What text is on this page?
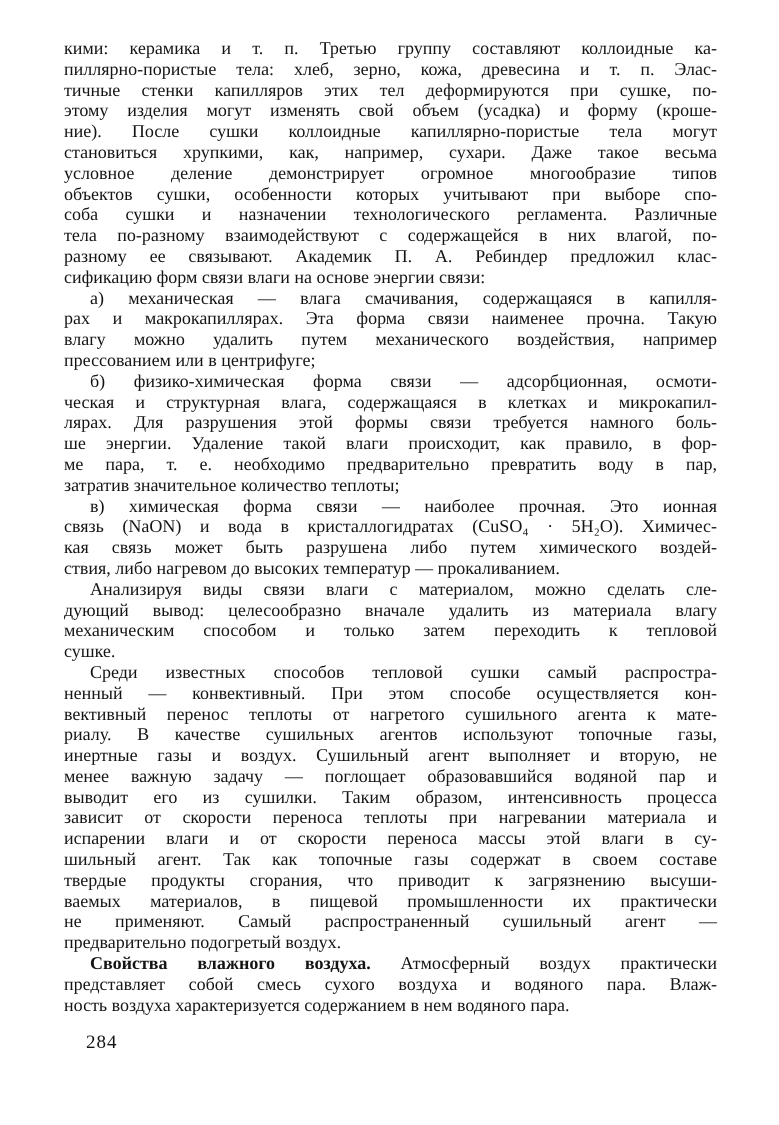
кими: керамика и т. п. Третью группу составляют коллоидные ка-
пиллярно-пористые тела: хлеб, зерно, кожа, древесина и т. п. Элас-
тичные стенки капилляров этих тел деформируются при сушке, по-
этому изделия могут изменять свой объем (усадка) и форму (кроше-
ние). После сушки коллоидные капиллярно-пористые тела могут
становиться хрупкими, как, например, сухари. Даже такое весьма
условное деление демонстрирует огромное многообразие типов
объектов сушки, особенности которых учитывают при выборе спо-
соба сушки и назначении технологического регламента. Различные
тела по-разному взаимодействуют с содержащейся в них влагой, по-
разному ее связывают. Академик П. А. Ребиндер предложил клас-
сификацию форм связи влаги на основе энергии связи:
а) механическая — влага смачивания, содержащаяся в капилля-
рах и макрокапиллярах. Эта форма связи наименее прочна. Такую
влагу можно удалить путем механического воздействия, например
прессованием или в центрифуге;
б) физико-химическая форма связи — адсорбционная, осмоти-
ческая и структурная влага, содержащаяся в клетках и микрокапил-
лярах. Для разрушения этой формы связи требуется намного боль-
ше энергии. Удаление такой влаги происходит, как правило, в фор-
ме пара, т. е. необходимо предварительно превратить воду в пар,
затратив значительное количество теплоты;
в) химическая форма связи — наиболее прочная. Это ионная
связь (NaON) и вода в кристаллогидратах (CuSO₄ · 5H₂O). Химичес-
кая связь может быть разрушена либо путем химического воздей-
ствия, либо нагревом до высоких температур — прокаливанием.
Анализируя виды связи влаги с материалом, можно сделать сле-
дующий вывод: целесообразно вначале удалить из материала влагу
механическим способом и только затем переходить к тепловой
сушке.
Среди известных способов тепловой сушки самый распростра-
ненный — конвективный. При этом способе осуществляется кон-
вективный перенос теплоты от нагретого сушильного агента к мате-
риалу. В качестве сушильных агентов используют топочные газы,
инертные газы и воздух. Сушильный агент выполняет и вторую, не
менее важную задачу — поглощает образовавшийся водяной пар и
выводит его из сушилки. Таким образом, интенсивность процесса
зависит от скорости переноса теплоты при нагревании материала и
испарении влаги и от скорости переноса массы этой влаги в су-
шильный агент. Так как топочные газы содержат в своем составе
твердые продукты сгорания, что приводит к загрязнению высуши-
ваемых материалов, в пищевой промышленности их практически
не применяют. Самый распространенный сушильный агент —
предварительно подогретый воздух.
Свойства влажного воздуха. Атмосферный воздух практически
представляет собой смесь сухого воздуха и водяного пара. Влаж-
ность воздуха характеризуется содержанием в нем водяного пара.
284
